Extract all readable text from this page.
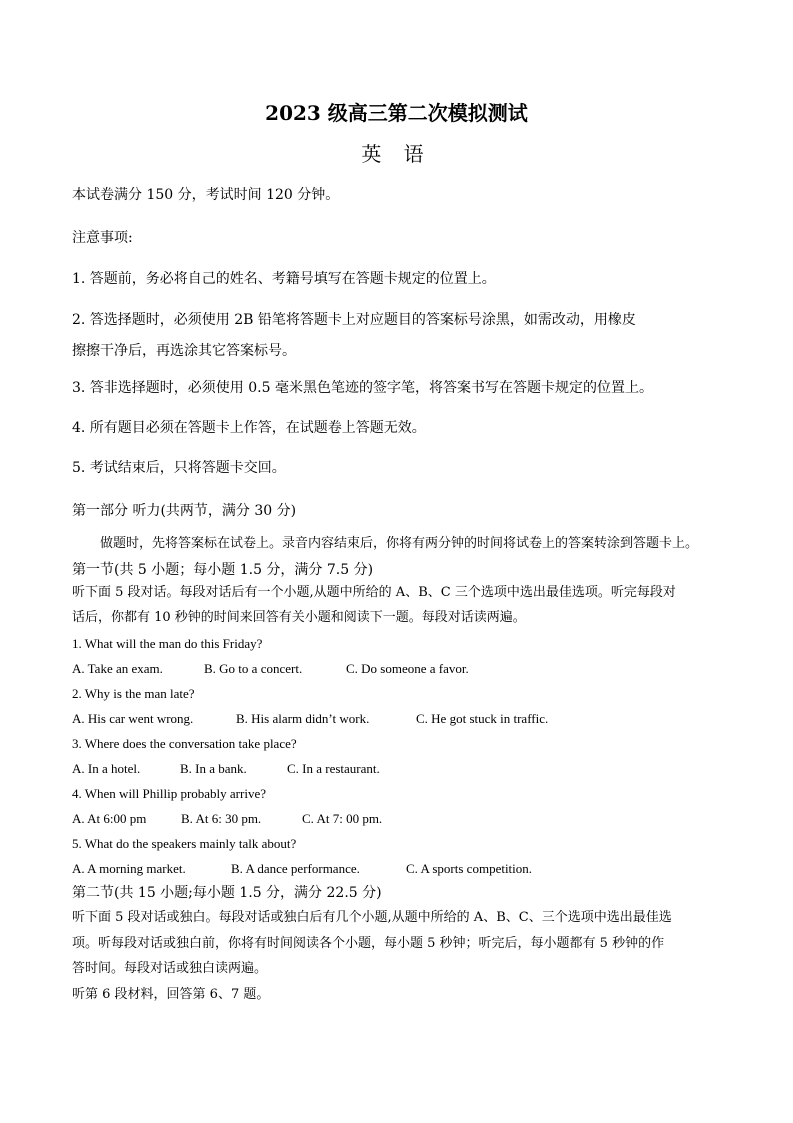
2023 级高三第二次模拟测试
英 语
本试卷满分 150 分，考试时间 120 分钟。
注意事项:
1. 答题前，务必将自己的姓名、考籍号填写在答题卡规定的位置上。
2. 答选择题时，必须使用 2B 铅笔将答题卡上对应题目的答案标号涂黑，如需改动，用橡皮
擦擦干净后，再选涂其它答案标号。
3. 答非选择题时，必须使用 0.5 毫米黑色笔迹的签字笔，将答案书写在答题卡规定的位置上。
4. 所有题目必须在答题卡上作答，在试题卷上答题无效。
5. 考试结束后，只将答题卡交回。
第一部分 听力(共两节，满分 30 分)
做题时，先将答案标在试卷上。录音内容结束后，你将有两分钟的时间将试卷上的答案转涂到答题卡上。
第一节(共 5 小题；每小题 1.5 分，满分 7.5 分)
听下面 5 段对话。每段对话后有一个小题,从题中所给的 A、B、C 三个选项中选出最佳选项。听完每段对
话后，你都有 10 秒钟的时间来回答有关小题和阅读下一题。每段对话读两遍。
1. What will the man do this Friday?
A. Take an exam.	B. Go to a concert.	C. Do someone a favor.
2. Why is the man late?
A. His car went wrong.	B. His alarm didn’t work.	C. He got stuck in traffic.
3. Where does the conversation take place?
A. In a hotel.	B. In a bank.	C. In a restaurant.
4. When will Phillip probably arrive?
A. At 6:00 pm	B. At 6: 30 pm.	C. At 7: 00 pm.
5. What do the speakers mainly talk about?
A. A morning market.	B. A dance performance.	C. A sports competition.
第二节(共 15 小题;每小题 1.5 分，满分 22.5 分)
听下面 5 段对话或独白。每段对话或独白后有几个小题,从题中所给的 A、B、C、三个选项中选出最佳选
项。听每段对话或独白前，你将有时间阅读各个小题，每小题 5 秒钟；听完后，每小题都有 5 秒钟的作
答时间。每段对话或独白读两遍。
听第 6 段材料，回答第 6、7 题。
